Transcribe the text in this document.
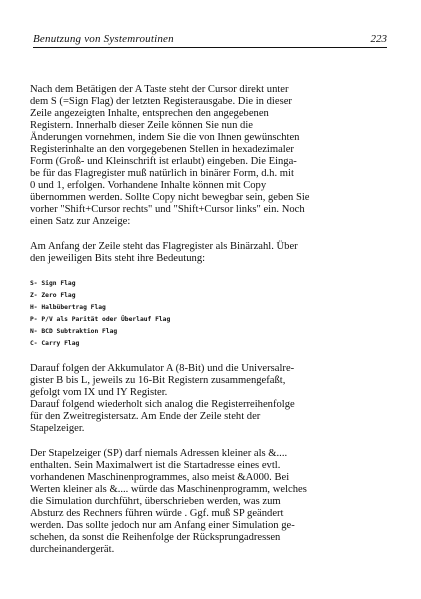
Benutzung von Systemroutinen	223

Nach dem Betätigen der A Taste steht der Cursor direkt unter
dem S (=Sign Flag) der letzten Registerausgabe. Die in dieser
Zeile angezeigten Inhalte, entsprechen den angegebenen
Registern. Innerhalb dieser Zeile können Sie nun die
Änderungen vornehmen, indem Sie die von Ihnen gewünschten
Registerinhalte an den vorgegebenen Stellen in hexadezimaler
Form (Groß- und Kleinschrift ist erlaubt) eingeben. Die Einga-
be für das Flagregister muß natürlich in binärer Form, d.h. mit
0 und 1, erfolgen. Vorhandene Inhalte können mit Copy
übernommen werden. Sollte Copy nicht bewegbar sein, geben Sie
vorher "Shift+Cursor rechts" und "Shift+Cursor links" ein. Noch
einen Satz zur Anzeige:

Am Anfang der Zeile steht das Flagregister als Binärzahl. Über
den jeweiligen Bits steht ihre Bedeutung:

S- Sign Flag
Z- Zero Flag
H- Halbübertrag Flag
P- P/V als Parität oder Überlauf Flag
N- BCD Subtraktion Flag
C- Carry Flag

Darauf folgen der Akkumulator A (8-Bit) und die Universalre-
gister B bis L, jeweils zu 16-Bit Registern zusammengefaßt,
gefolgt vom IX und IY Register.
Darauf folgend wiederholt sich analog die Registerreihenfolge
für den Zweitregistersatz. Am Ende der Zeile steht der
Stapelzeiger.

Der Stapelzeiger (SP) darf niemals Adressen kleiner als &....
enthalten. Sein Maximalwert ist die Startadresse eines evtl.
vorhandenen Maschinenprogrammes, also meist &A000. Bei
Werten kleiner als &.... würde das Maschinenprogramm, welches
die Simulation durchführt, überschrieben werden, was zum
Absturz des Rechners führen würde . Ggf. muß SP geändert
werden. Das sollte jedoch nur am Anfang einer Simulation ge-
schehen, da sonst die Reihenfolge der Rücksprungadressen
durcheinandergerät.
